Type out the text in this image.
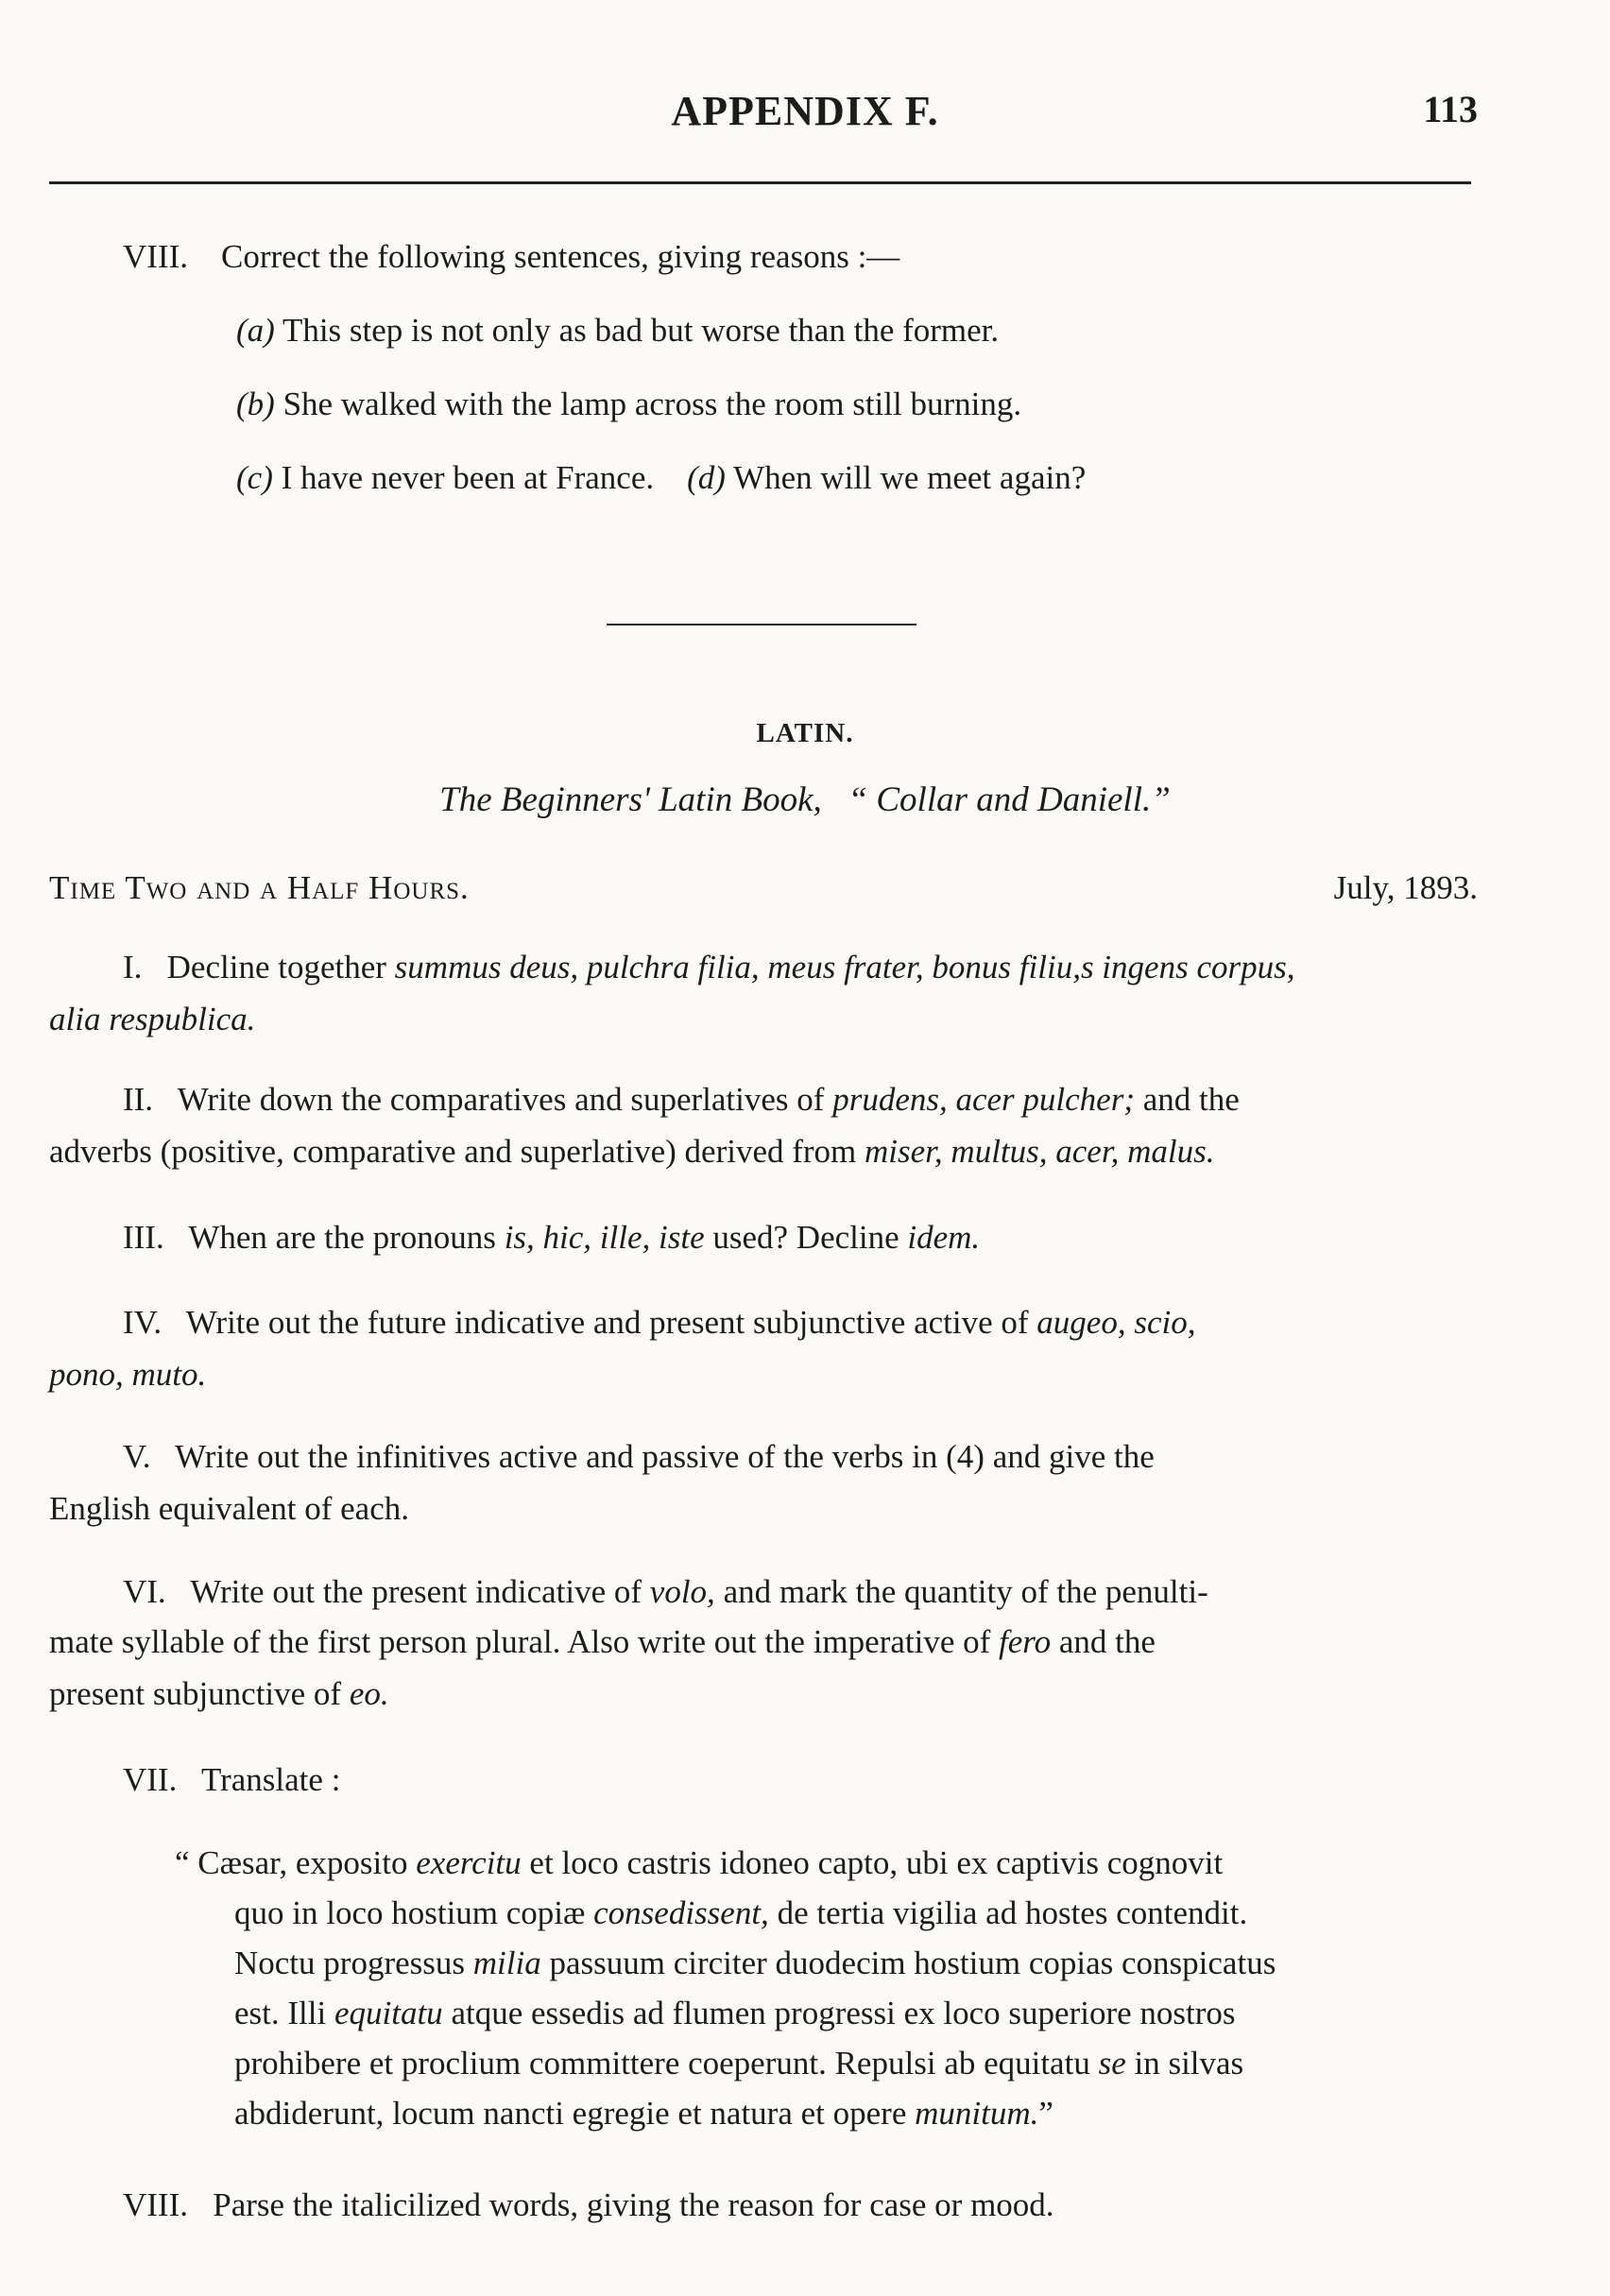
APPENDIX F.	113
VIII. Correct the following sentences, giving reasons :—
(a) This step is not only as bad but worse than the former.
(b) She walked with the lamp across the room still burning.
(c) I have never been at France. (d) When will we meet again?
LATIN.
The Beginners' Latin Book, “ Collar and Daniell.”
Time Two and a Half Hours.	July, 1893.
I. Decline together summus deus, pulchra filia, meus frater, bonus filiu,s ingens corpus,
alia respublica.
II. Write down the comparatives and superlatives of prudens, acer pulcher; and the
adverbs (positive, comparative and superlative) derived from miser, multus, acer, malus.
III. When are the pronouns is, hic, ille, iste used? Decline idem.
IV. Write out the future indicative and present subjunctive active of augeo, scio,
pono, muto.
V. Write out the infinitives active and passive of the verbs in (4) and give the
English equivalent of each.
VI. Write out the present indicative of volo, and mark the quantity of the penulti-
mate syllable of the first person plural. Also write out the imperative of fero and the
present subjunctive of eo.
VII. Translate :
“ Cæsar, exposito exercitu et loco castris idoneo capto, ubi ex captivis cognovit
quo in loco hostium copiæ consedissent, de tertia vigilia ad hostes contendit.
Noctu progressus milia passuum circiter duodecim hostium copias conspicatus
est. Illi equitatu atque essedis ad flumen progressi ex loco superiore nostros
prohibere et proclium committere coeperunt. Repulsi ab equitatu se in silvas
abdiderunt, locum nancti egregie et natura et opere munitum.”
VIII. Parse the italicilized words, giving the reason for case or mood.
